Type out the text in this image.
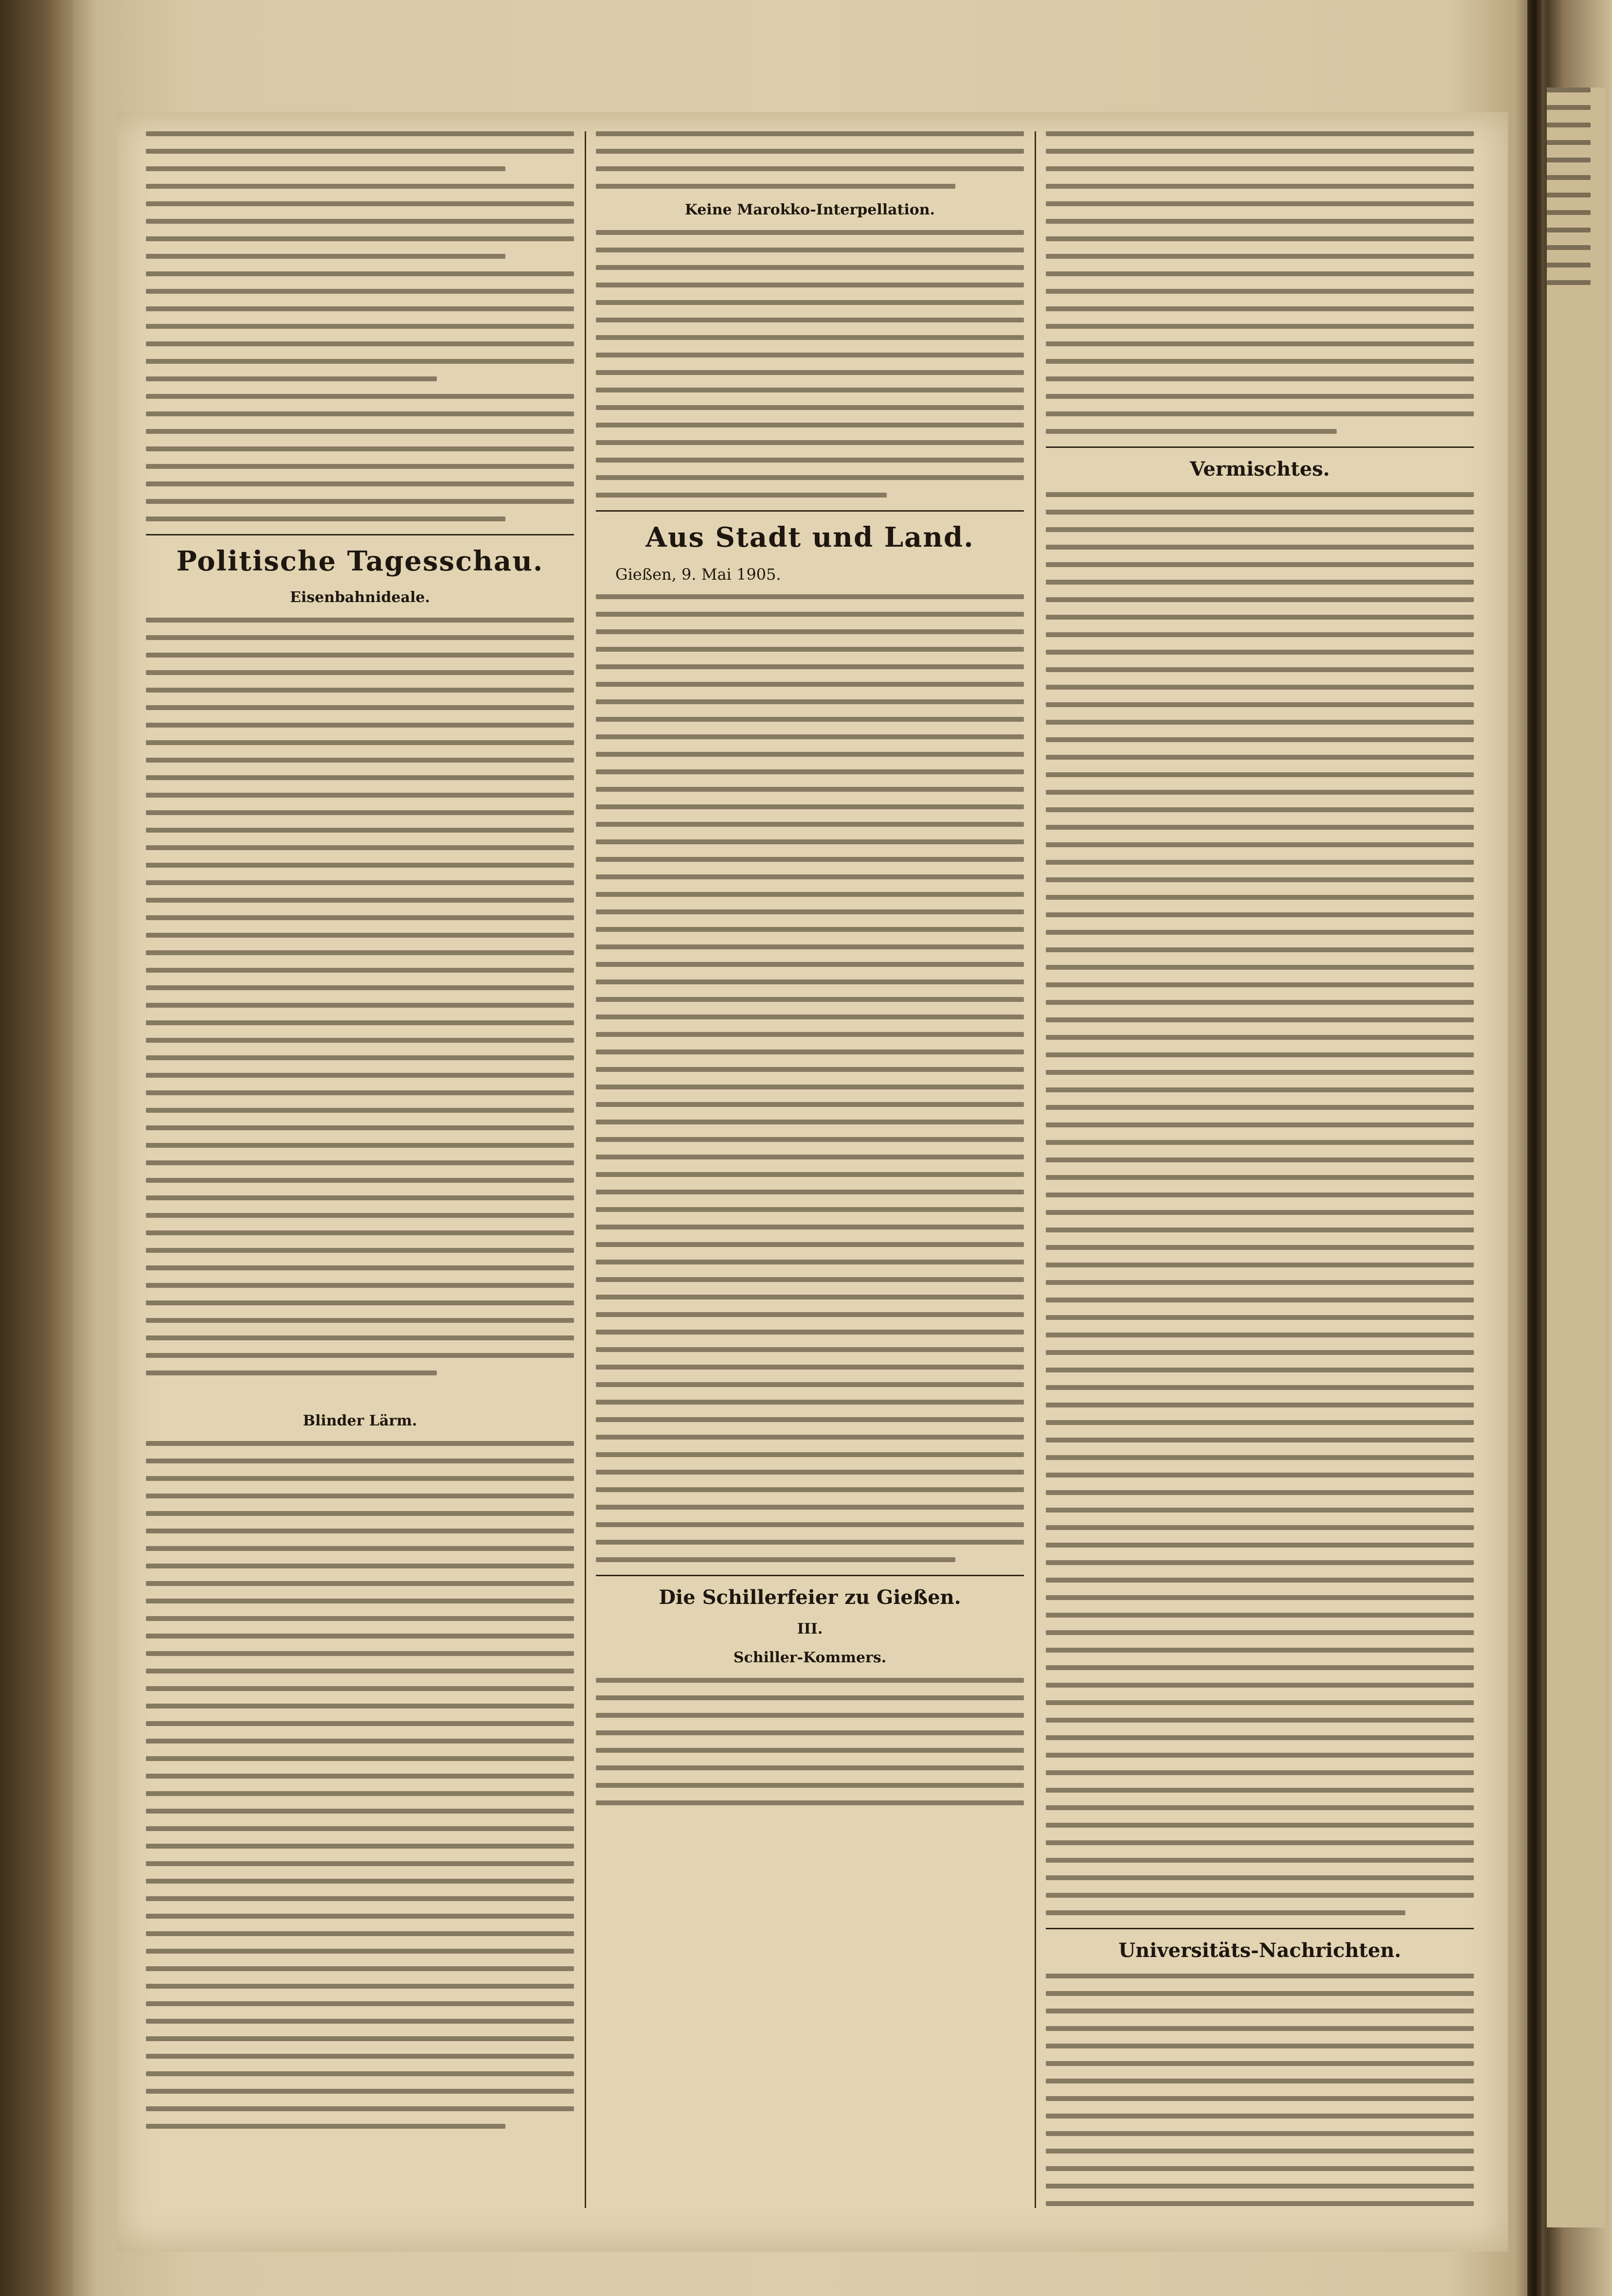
Politische Tagesschau.
Eisenbahnideale.
Blinder Lärm.
Keine Marokko-Interpellation.
Aus Stadt und Land.
Gießen, 9. Mai 1905.
Die Schillerfeier zu Gießen.
III.
Schiller-Kommers.
Vermischtes.
Universitäts-Nachrichten.
